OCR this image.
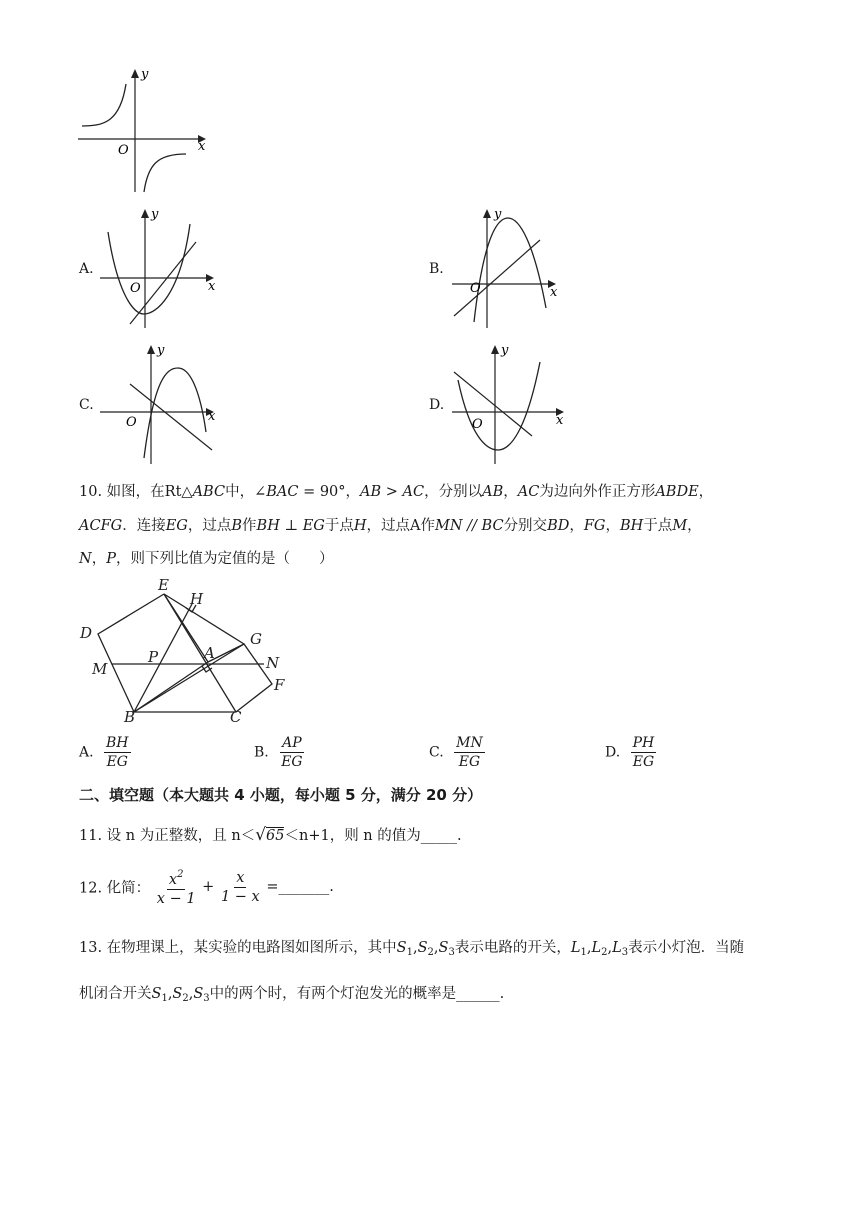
y
x
O
A.
y
x
O
B.
y
x
O
C.
y
x
O
D.
y
x
O
10. 如图，在Rt△ABC中，∠BAC = 90°，AB > AC，分别以AB，AC为边向外作正方形ABDE，
ACFG．连接EG，过点B作BH ⊥ EG于点H，过点A作MN // BC分别交BD，FG，BH于点M，
N，P，则下列比值为定值的是（　　）
E
H
D	G
M
P	A
N
F
B	C
A. $\frac{BH}{EG}$	B. $\frac{AP}{EG}$	C. $\frac{MN}{EG}$	D. $\frac{PH}{EG}$
二、填空题（本大题共 4 小题，每小题 5 分，满分 20 分）
11. 设 n 为正整数，且 n＜√65＜n+1，则 n 的值为_____.
12. 化简： $\frac{x^2}{x - 1} + \frac{x}{1 - x}$ =_______.
13. 在物理课上，某实验的电路图如图所示，其中$S_1,S_2,S_3$表示电路的开关，$L_1,L_2,L_3$表示小灯泡．当随
机闭合开关$S_1,S_2,S_3$中的两个时，有两个灯泡发光的概率是______.
